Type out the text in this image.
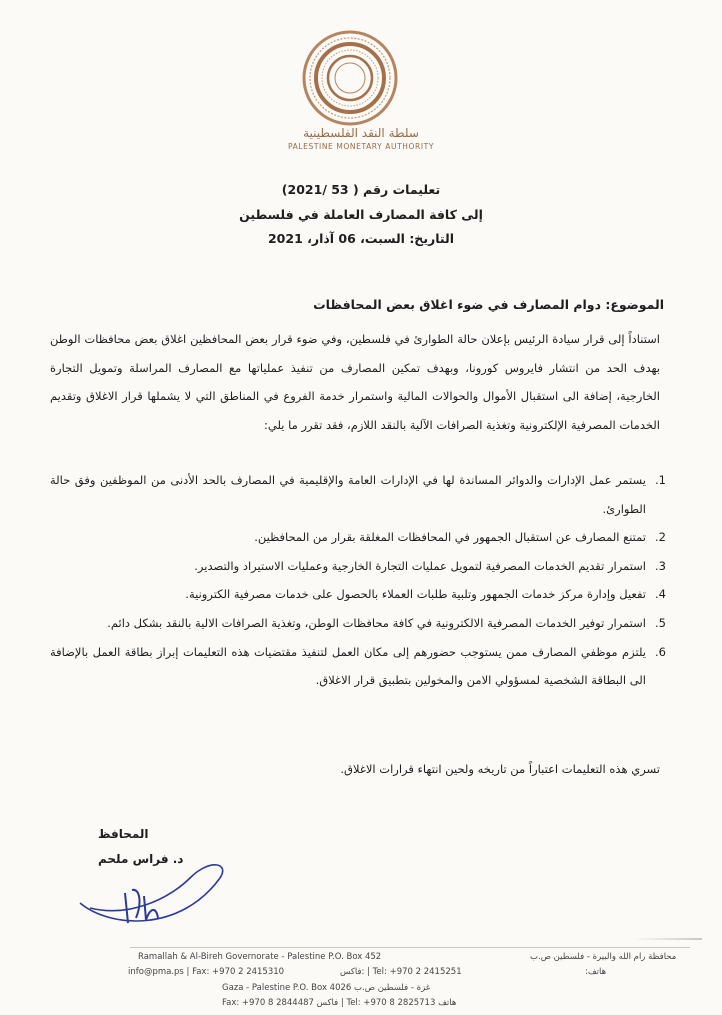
سلطة النقد الفلسطينية
PALESTINE MONETARY AUTHORITY
تعليمات رقم ( 53 /2021)
إلى كافة المصارف العاملة في فلسطين
التاريخ: السبت، 06 آذار، 2021
الموضوع: دوام المصارف في ضوء اغلاق بعض المحافظات

استناداً إلى قرار سيادة الرئيس بإعلان حالة الطوارئ في فلسطين، وفي ضوء قرار بعض المحافظين اغلاق بعض محافظات الوطن بهدف الحد من انتشار فايروس كورونا، وبهدف تمكين المصارف من تنفيذ عملياتها مع المصارف المراسلة وتمويل التجارة الخارجية، إضافة الى استقبال الأموال والحوالات المالية واستمرار خدمة الفروع في المناطق التي لا يشملها قرار الاغلاق وتقديم الخدمات المصرفية الإلكترونية وتغذية الصرافات الآلية بالنقد اللازم، فقد تقرر ما يلي:

1.
يستمر عمل الإدارات والدوائر المساندة لها في الإدارات العامة والإقليمية في المصارف بالحد الأدنى من الموظفين وفق حالة الطوارئ.
2.
تمتنع المصارف عن استقبال الجمهور في المحافظات المغلقة بقرار من المحافظين.
3.
استمرار تقديم الخدمات المصرفية لتمويل عمليات التجارة الخارجية وعمليات الاستيراد والتصدير.
4.
تفعيل وإدارة مركز خدمات الجمهور وتلبية طلبات العملاء بالحصول على خدمات مصرفية الكترونية.
5.
استمرار توفير الخدمات المصرفية الالكترونية في كافة محافظات الوطن، وتغذية الصرافات الالية بالنقد بشكل دائم.
6.
يلتزم موظفي المصارف ممن يستوجب حضورهم إلى مكان العمل لتنفيذ مقتضيات هذه التعليمات إبراز بطاقة العمل بالإضافة الى البطاقة الشخصية لمسؤولي الامن والمخولين بتطبيق قرار الاغلاق.
تسري هذه التعليمات اعتباراً من تاريخه ولحين انتهاء قرارات الاغلاق.
المحافظ
د. فراس ملحم
Ramallah & Al-Bireh Governorate - Palestine P.O. Box 452	محافظة رام الله والبيرة - فلسطين ص.ب
info@pma.ps | Fax: +970 2 2415310	فاكس: | Tel: +970 2 2415251	هاتف:
Gaza - Palestine P.O. Box 4026 غزة - فلسطين ص.ب
Fax: +970 8 2844487 فاكس | Tel: +970 8 2825713 هاتف
